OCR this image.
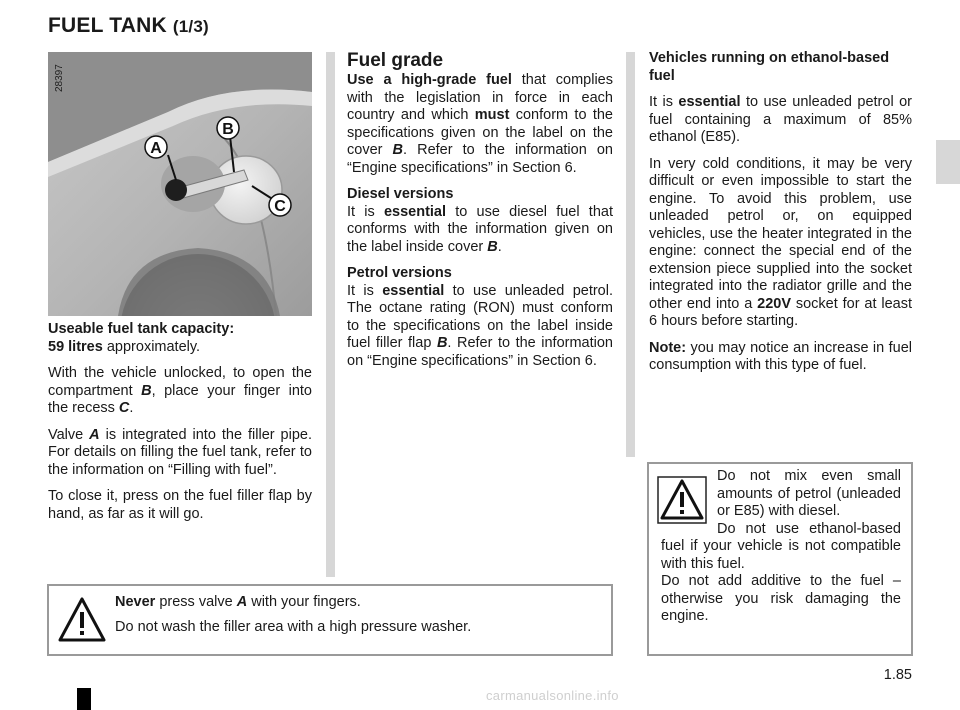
FUEL TANK (1/3)
A
B
C
28397

Useable fuel tank capacity:
59 litres approximately.

With the vehicle unlocked, to open the compartment B, place your finger into the recess C.

Valve A is integrated into the filler pipe. For details on filling the fuel tank, refer to the information on “Filling with fuel”.

To close it, press on the fuel filler flap by hand, as far as it will go.

Fuel grade

Use a high-grade fuel that complies with the legislation in force in each country and which must conform to the specifications given on the label on the cover B. Refer to the information on “Engine specifications” in Section 6.

Diesel versions
It is essential to use diesel fuel that conforms with the information given on the label inside cover B.

Petrol versions
It is essential to use unleaded petrol. The octane rating (RON) must conform to the specifications on the label inside fuel filler flap B. Refer to the information on “Engine specifications” in Section 6.

Vehicles running on ethanol-based fuel

It is essential to use unleaded petrol or fuel containing a maximum of 85% ethanol (E85).

In very cold conditions, it may be very difficult or even impossible to start the engine. To avoid this problem, use unleaded petrol or, on equipped vehicles, use the heater integrated in the engine: connect the special end of the extension piece supplied into the socket integrated into the radiator grille and the other end into a 220V socket for at least 6 hours before starting.

Note: you may notice an increase in fuel consumption with this type of fuel.

Do not mix even small amounts of petrol (unleaded or E85) with diesel.

Do not use ethanol-based fuel if your vehicle is not compatible with this fuel.

Do not add additive to the fuel – otherwise you risk damaging the engine.

Never press valve A with your fingers.

Do not wash the filler area with a high pressure washer.

1.85
carmanualsonline.info
